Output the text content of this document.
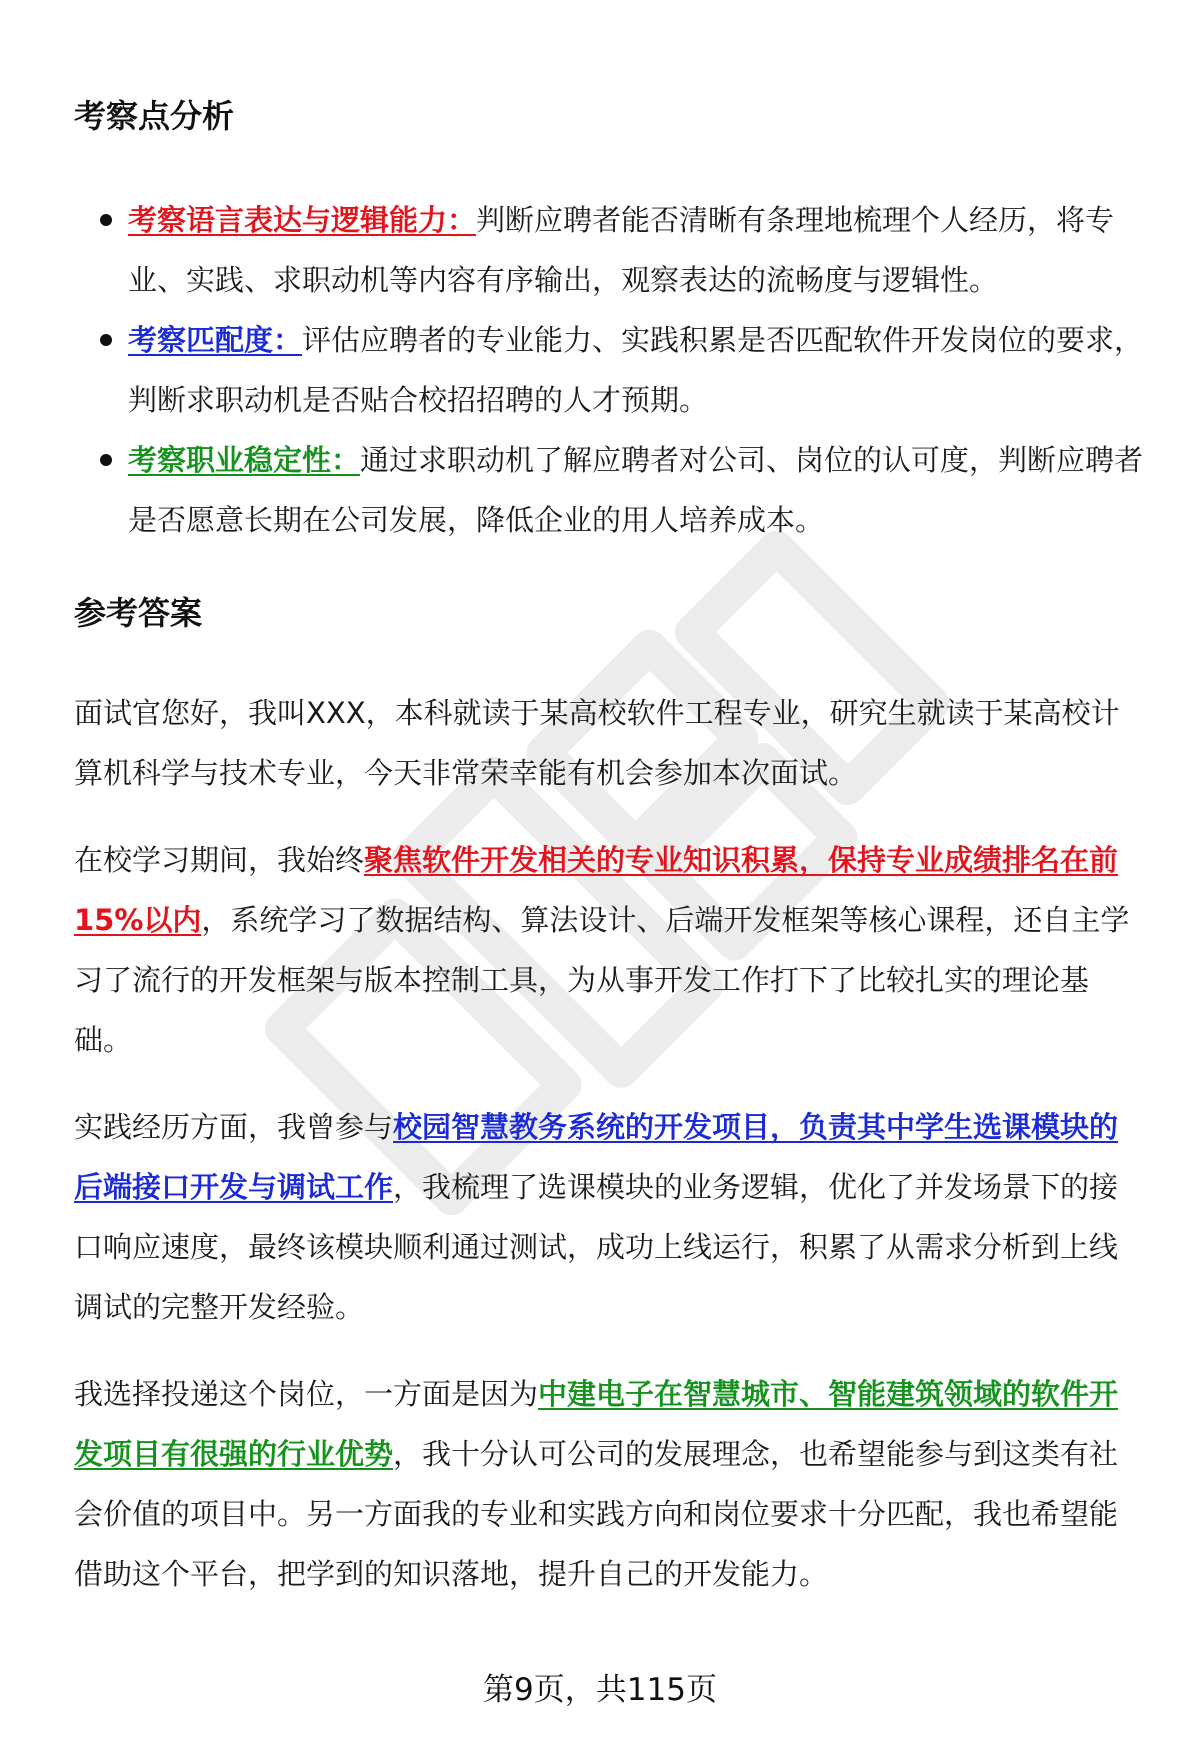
考察点分析
考察语言表达与逻辑能力：判断应聘者能否清晰有条理地梳理个人经历，将专业、实践、求职动机等内容有序输出，观察表达的流畅度与逻辑性。
考察匹配度：评估应聘者的专业能力、实践积累是否匹配软件开发岗位的要求，判断求职动机是否贴合校招招聘的人才预期。
考察职业稳定性：通过求职动机了解应聘者对公司、岗位的认可度，判断应聘者是否愿意长期在公司发展，降低企业的用人培养成本。
参考答案

面试官您好，我叫XXX，本科就读于某高校软件工程专业，研究生就读于某高校计算机科学与技术专业，今天非常荣幸能有机会参加本次面试。

在校学习期间，我始终聚焦软件开发相关的专业知识积累，保持专业成绩排名在前15%以内，系统学习了数据结构、算法设计、后端开发框架等核心课程，还自主学习了流行的开发框架与版本控制工具，为从事开发工作打下了比较扎实的理论基础。

实践经历方面，我曾参与校园智慧教务系统的开发项目，负责其中学生选课模块的后端接口开发与调试工作，我梳理了选课模块的业务逻辑，优化了并发场景下的接口响应速度，最终该模块顺利通过测试，成功上线运行，积累了从需求分析到上线调试的完整开发经验。

我选择投递这个岗位，一方面是因为中建电子在智慧城市、智能建筑领域的软件开发项目有很强的行业优势，我十分认可公司的发展理念，也希望能参与到这类有社会价值的项目中。另一方面我的专业和实践方向和岗位要求十分匹配，我也希望能借助这个平台，把学到的知识落地，提升自己的开发能力。

第9页，共115页
